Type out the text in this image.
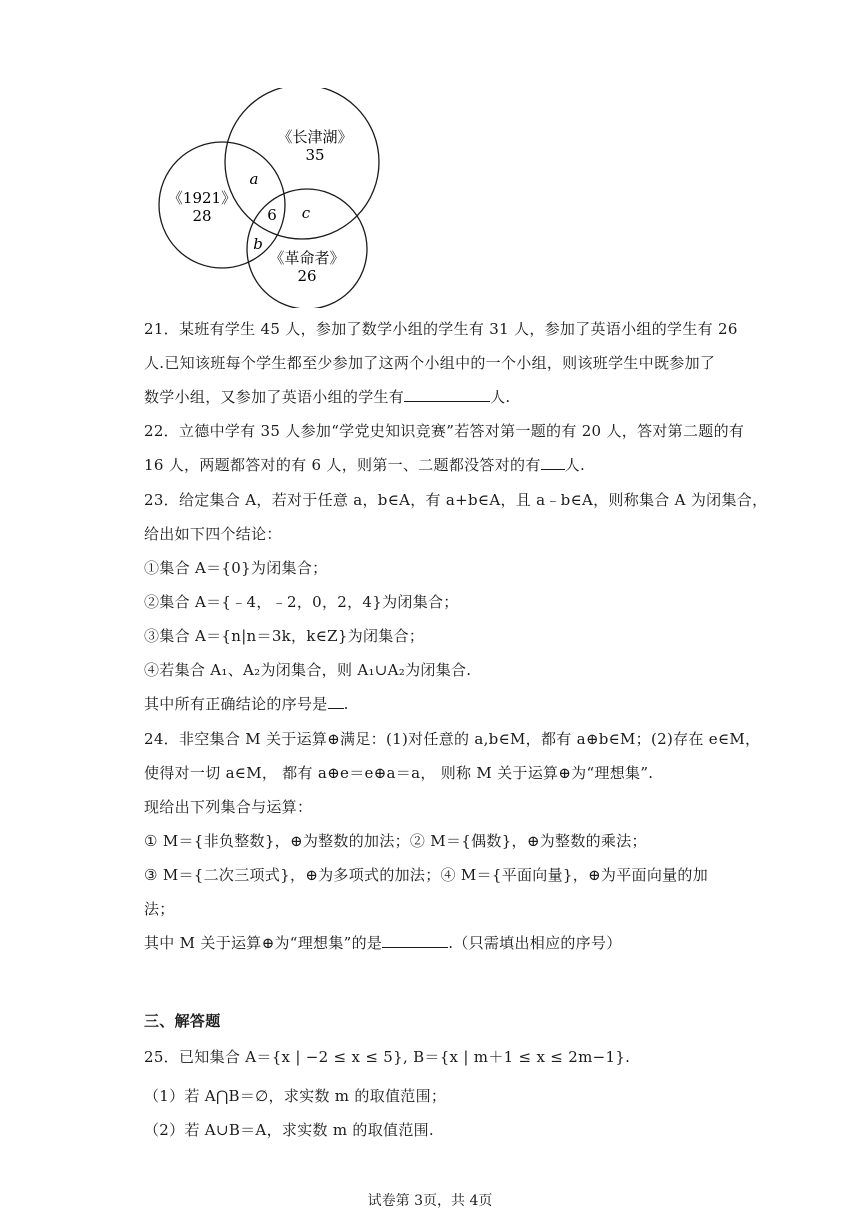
《长津湖》
35
《1921》
28
《革命者》
26
a
b
c
6
21．某班有学生 45 人，参加了数学小组的学生有 31 人，参加了英语小组的学生有 26
人.已知该班每个学生都至少参加了这两个小组中的一个小组，则该班学生中既参加了
数学小组，又参加了英语小组的学生有	人.
22．立德中学有 35 人参加“学党史知识竞赛”若答对第一题的有 20 人，答对第二题的有
16 人，两题都答对的有 6 人，则第一、二题都没答对的有 人.
23．给定集合 A，若对于任意 a，b∈A，有 a+b∈A，且 a﹣b∈A，则称集合 A 为闭集合，
给出如下四个结论：
①集合 A＝{0}为闭集合；
②集合 A＝{﹣4，﹣2，0，2，4}为闭集合；
③集合 A＝{n|n＝3k，k∈Z}为闭集合；
④若集合 A₁、A₂为闭集合，则 A₁∪A₂为闭集合.
其中所有正确结论的序号是 .
24．非空集合 M 关于运算⊕满足：(1)对任意的 a,b∈M，都有 a⊕b∈M；(2)存在 e∈M，
使得对一切 a∈M， 都有 a⊕e＝e⊕a＝a， 则称 M 关于运算⊕为“理想集”.
现给出下列集合与运算：
① M＝{非负整数}，⊕为整数的加法；② M＝{偶数}，⊕为整数的乘法；
③ M＝{二次三项式}，⊕为多项式的加法；④ M＝{平面向量}，⊕为平面向量的加
法；
其中 M 关于运算⊕为“理想集”的是	.（只需填出相应的序号）
三、解答题
25．已知集合 A＝{x | −2 ≤ x ≤ 5}, B＝{x | m＋1 ≤ x ≤ 2m−1}.
（1）若 A⋂B＝∅，求实数 m 的取值范围；
（2）若 A∪B＝A，求实数 m 的取值范围.
试卷第 3页，共 4页
